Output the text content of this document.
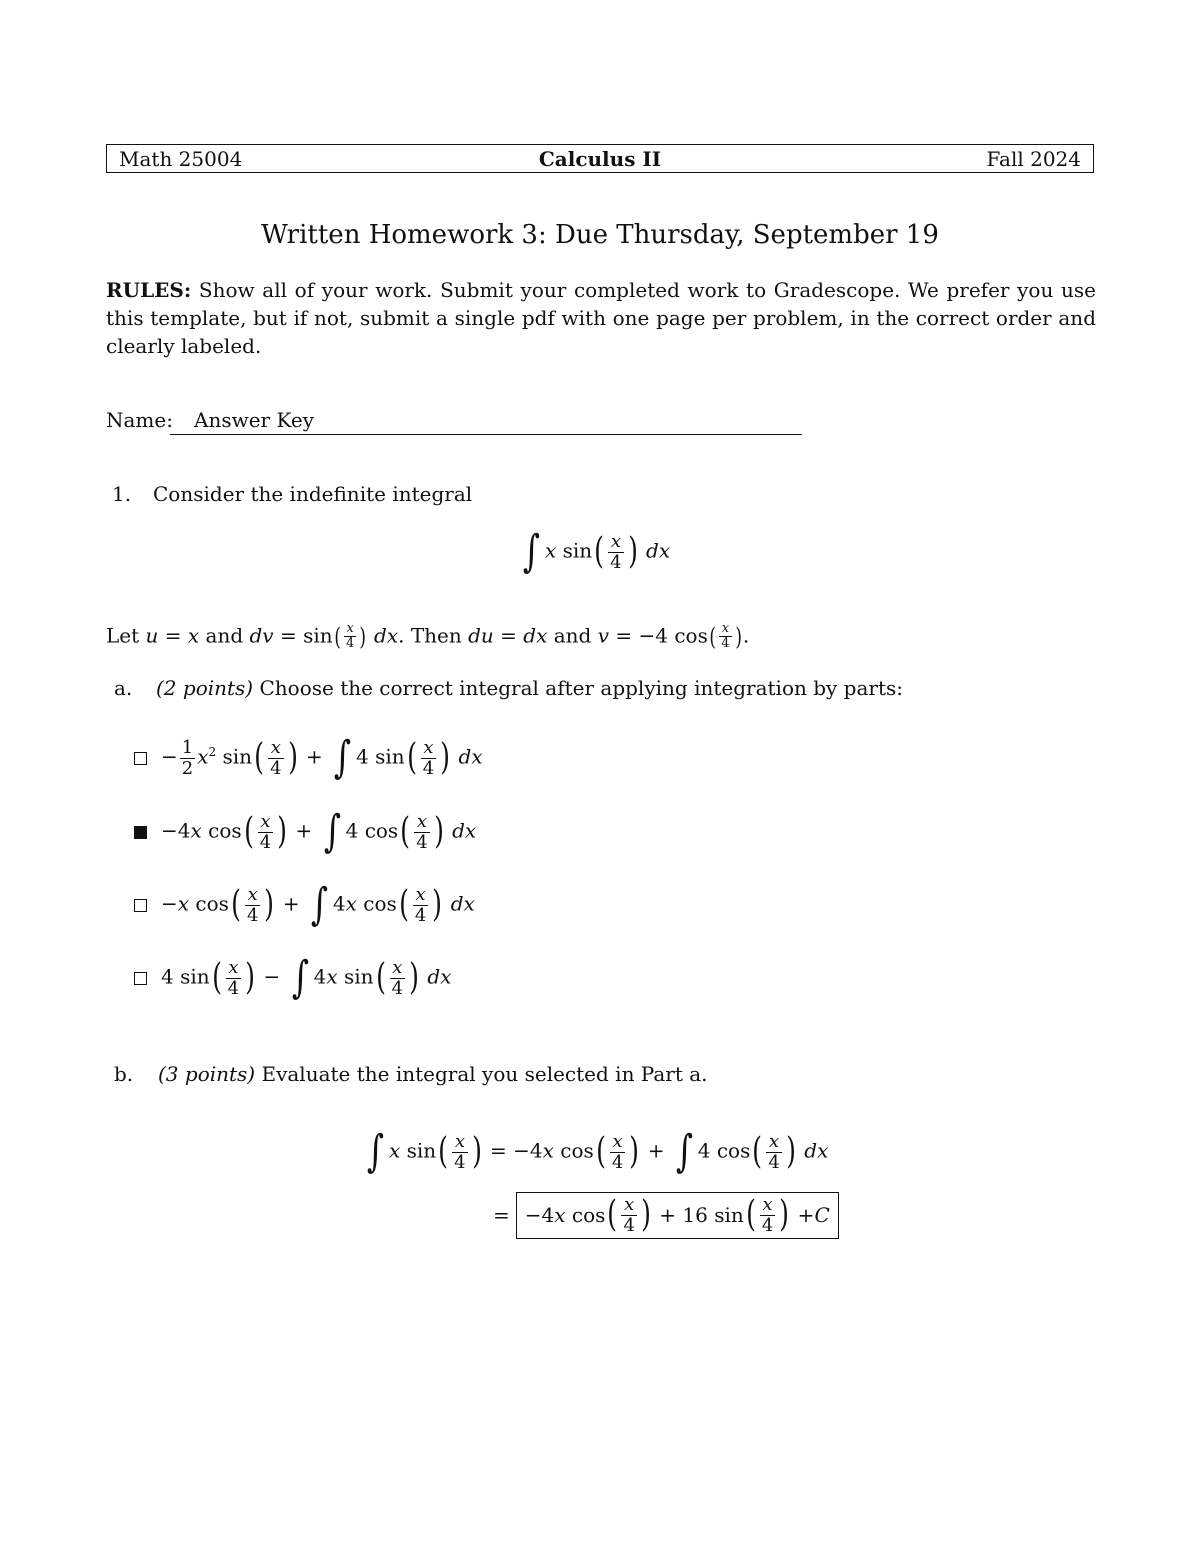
Math 25004	Calculus II	Fall 2024
Written Homework 3: Due Thursday, September 19
RULES: Show all of your work. Submit your completed work to Gradescope. We prefer you use this template, but if not, submit a single pdf with one page per problem, in the correct order and clearly labeled.
Name: Answer Key
1. Consider the indefinite integral
∫ x $\sin( \frac{x}{4}$ ) dx
Let u = x and dv = $\sin( \frac{x}{4}$ ) dx. Then du = dx and v = −4 $\cos( \frac{x}{4}$ ).
a. (2 points) Choose the correct integral after applying integration by parts:
− $\frac{1}{2} x^2$ $\sin( \frac{x}{4}$ ) + ∫ 4 $\sin( \frac{x}{4}$ ) dx
−4x $\cos( \frac{x}{4}$ ) + ∫ 4 $\cos( \frac{x}{4}$ ) dx
−x $\cos( \frac{x}{4}$ ) + ∫ 4x $\cos( \frac{x}{4}$ ) dx
4 $\sin( \frac{x}{4}$ ) − ∫ 4x $\sin( \frac{x}{4}$ ) dx
b. (3 points) Evaluate the integral you selected in Part a.
∫ x $\sin( \frac{x}{4}$ ) = −4x $\cos( \frac{x}{4}$ ) + ∫ 4 $\cos( \frac{x}{4}$ ) dx
= −4 x cos ( $\frac{x}{4}$ ) + 16 sin ( $\frac{x}{4}$ ) + C
